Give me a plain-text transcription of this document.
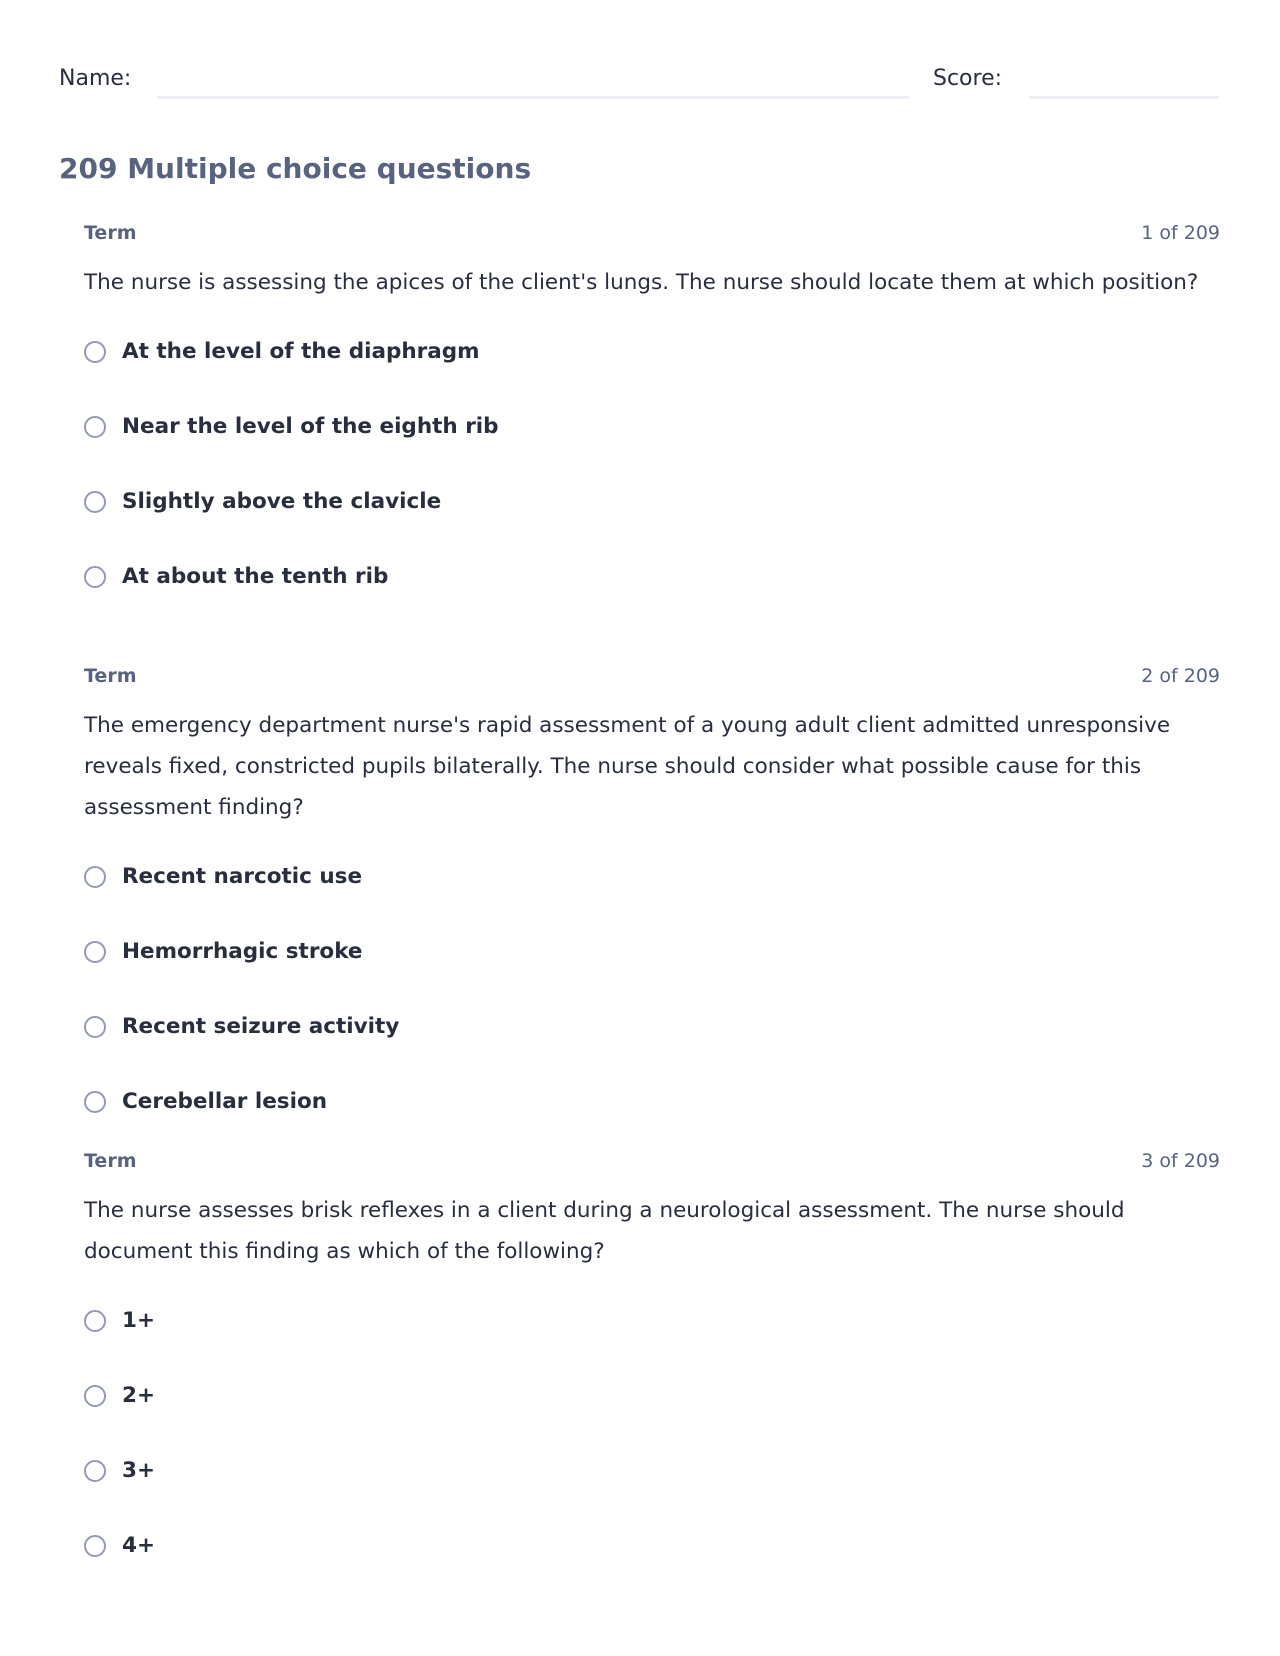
Name:	Score:
209 Multiple choice questions
Term	1 of 209

The nurse is assessing the apices of the client's lungs. The nurse should locate them at which position?

At the level of the diaphragm
Near the level of the eighth rib
Slightly above the clavicle
At about the tenth rib
Term	2 of 209

The emergency department nurse's rapid assessment of a young adult client admitted unresponsive reveals fixed, constricted pupils bilaterally. The nurse should consider what possible cause for this assessment finding?

Recent narcotic use
Hemorrhagic stroke
Recent seizure activity
Cerebellar lesion
Term	3 of 209

The nurse assesses brisk reflexes in a client during a neurological assessment. The nurse should document this finding as which of the following?

1+
2+
3+
4+
